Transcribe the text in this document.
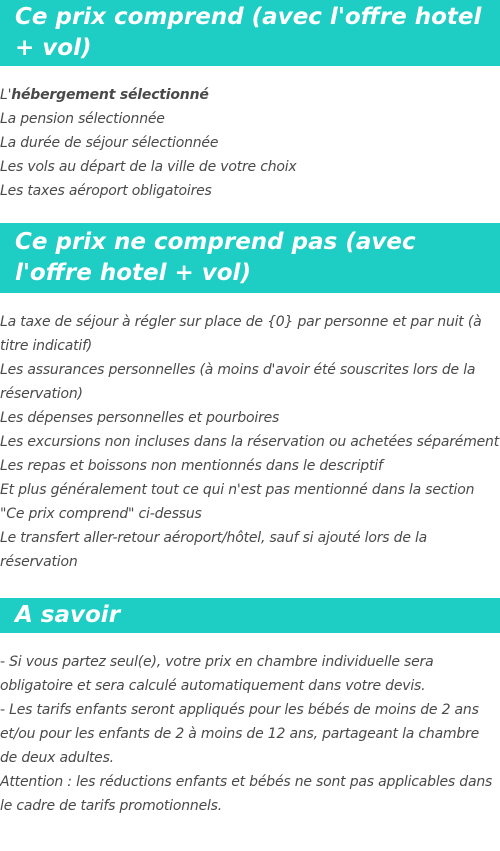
Ce prix comprend (avec l'offre hotel + vol)
L'hébergement sélectionné
La pension sélectionnée
La durée de séjour sélectionnée
Les vols au départ de la ville de votre choix
Les taxes aéroport obligatoires
Ce prix ne comprend pas (avec l'offre hotel + vol)
La taxe de séjour à régler sur place de {0} par personne et par nuit (à titre indicatif)
Les assurances personnelles (à moins d'avoir été souscrites lors de la réservation)
Les dépenses personnelles et pourboires
Les excursions non incluses dans la réservation ou achetées séparément
Les repas et boissons non mentionnés dans le descriptif
Et plus généralement tout ce qui n'est pas mentionné dans la section "Ce prix comprend" ci-dessus
Le transfert aller-retour aéroport/hôtel, sauf si ajouté lors de la réservation
A savoir
- Si vous partez seul(e), votre prix en chambre individuelle sera obligatoire et sera calculé automatiquement dans votre devis.
- Les tarifs enfants seront appliqués pour les bébés de moins de 2 ans et/ou pour les enfants de 2 à moins de 12 ans, partageant la chambre de deux adultes.
Attention : les réductions enfants et bébés ne sont pas applicables dans le cadre de tarifs promotionnels.
